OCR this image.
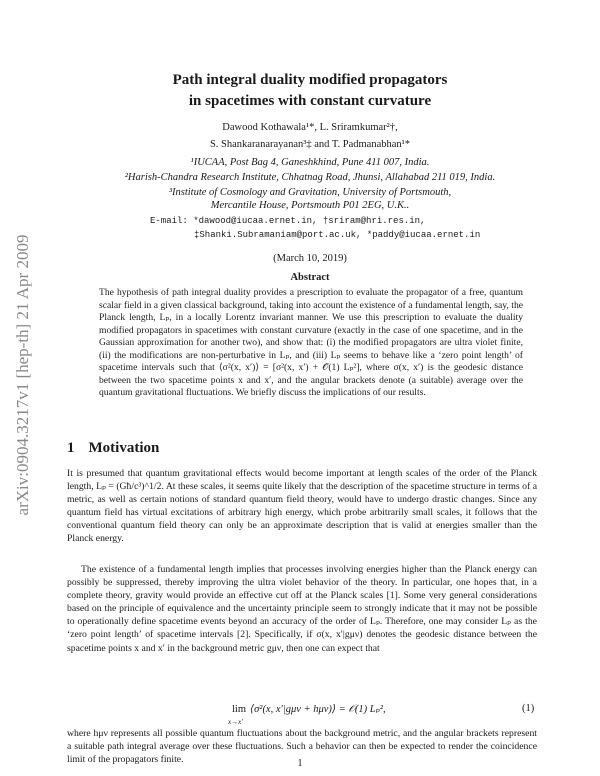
arXiv:0904.3217v1 [hep-th] 21 Apr 2009
Path integral duality modified propagators
in spacetimes with constant curvature
Dawood Kothawala¹*, L. Sriramkumar²†,
S. Shankaranarayanan³‡ and T. Padmanabhan¹*
¹IUCAA, Post Bag 4, Ganeshkhind, Pune 411 007, India.
²Harish-Chandra Research Institute, Chhatnag Road, Jhunsi, Allahabad 211 019, India.
³Institute of Cosmology and Gravitation, University of Portsmouth,
Mercantile House, Portsmouth P01 2EG, U.K..
E-mail: *dawood@iucaa.ernet.in, †sriram@hri.res.in,
‡Shanki.Subramaniam@port.ac.uk, *paddy@iucaa.ernet.in
(March 10, 2019)
Abstract
The hypothesis of path integral duality provides a prescription to evaluate the propagator of a free, quantum scalar field in a given classical background, taking into account the existence of a fundamental length, say, the Planck length, Lₚ, in a locally Lorentz invariant manner. We use this prescription to evaluate the duality modified propagators in spacetimes with constant curvature (exactly in the case of one spacetime, and in the Gaussian approximation for another two), and show that: (i) the modified propagators are ultra violet finite, (ii) the modifications are non-perturbative in Lₚ, and (iii) Lₚ seems to behave like a ‘zero point length’ of spacetime intervals such that ⟨σ²(x, x′)⟩ = [σ²(x, x′) + 𝒪(1) Lₚ²], where σ(x, x′) is the geodesic distance between the two spacetime points x and x′, and the angular brackets denote (a suitable) average over the quantum gravitational fluctuations. We briefly discuss the implications of our results.
1 Motivation
It is presumed that quantum gravitational effects would become important at length scales of the order of the Planck length, Lₚ = (Għ/c³)^1/2. At these scales, it seems quite likely that the description of the spacetime structure in terms of a metric, as well as certain notions of standard quantum field theory, would have to undergo drastic changes. Since any quantum field has virtual excitations of arbitrary high energy, which probe arbitrarily small scales, it follows that the conventional quantum field theory can only be an approximate description that is valid at energies smaller than the Planck energy.
The existence of a fundamental length implies that processes involving energies higher than the Planck energy can possibly be suppressed, thereby improving the ultra violet behavior of the theory. In particular, one hopes that, in a complete theory, gravity would provide an effective cut off at the Planck scales [1]. Some very general considerations based on the principle of equivalence and the uncertainty principle seem to strongly indicate that it may not be possible to operationally define spacetime events beyond an accuracy of the order of Lₚ. Therefore, one may consider Lₚ as the ‘zero point length’ of spacetime intervals [2]. Specifically, if σ(x, x′|gμν) denotes the geodesic distance between the spacetime points x and x′ in the background metric gμν, then one can expect that
lim
x→x′
⟨σ²(x, x′|gμν + hμν)⟩ = 𝒪(1) Lₚ²,	(1)
where hμν represents all possible quantum fluctuations about the background metric, and the angular brackets represent a suitable path integral average over these fluctuations. Such a behavior can then be expected to render the coincidence limit of the propagators finite.	1
